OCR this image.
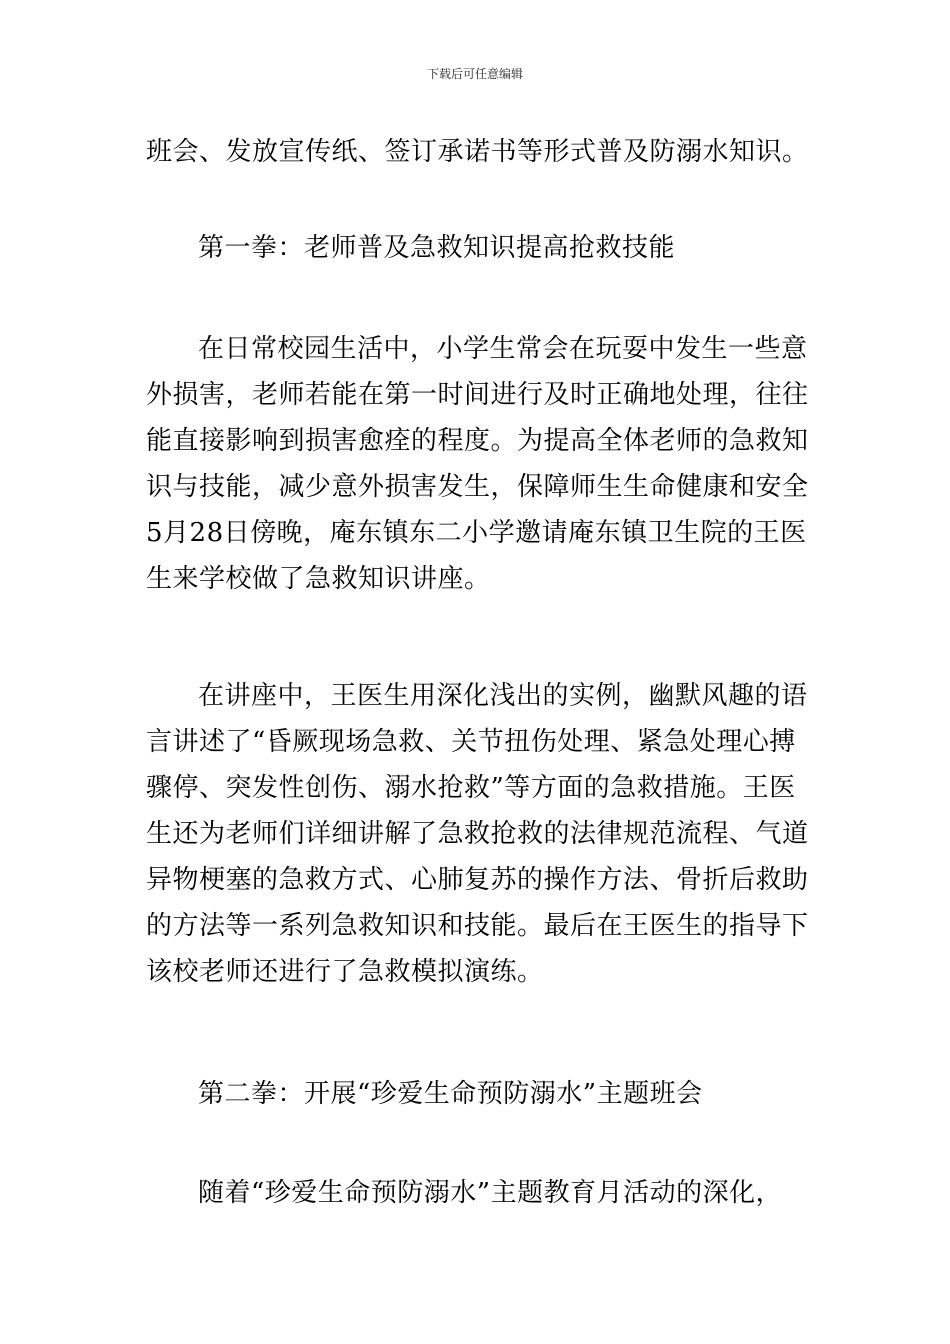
下载后可任意编辑
班会、发放宣传纸、签订承诺书等形式普及防溺水知识。
第一拳：老师普及急救知识提高抢救技能
在日常校园生活中，小学生常会在玩耍中发生一些意
外损害，老师若能在第一时间进行及时正确地处理，往往
能直接影响到损害愈痊的程度。为提高全体老师的急救知
识与技能，减少意外损害发生，保障师生生命健康和安全
5月28日傍晚，庵东镇东二小学邀请庵东镇卫生院的王医
生来学校做了急救知识讲座。
在讲座中，王医生用深化浅出的实例，幽默风趣的语
言讲述了“昏厥现场急救、关节扭伤处理、紧急处理心搏
骤停、突发性创伤、溺水抢救”等方面的急救措施。王医
生还为老师们详细讲解了急救抢救的法律规范流程、气道
异物梗塞的急救方式、心肺复苏的操作方法、骨折后救助
的方法等一系列急救知识和技能。最后在王医生的指导下
该校老师还进行了急救模拟演练。
第二拳：开展“珍爱生命预防溺水”主题班会
随着“珍爱生命预防溺水”主题教育月活动的深化，
